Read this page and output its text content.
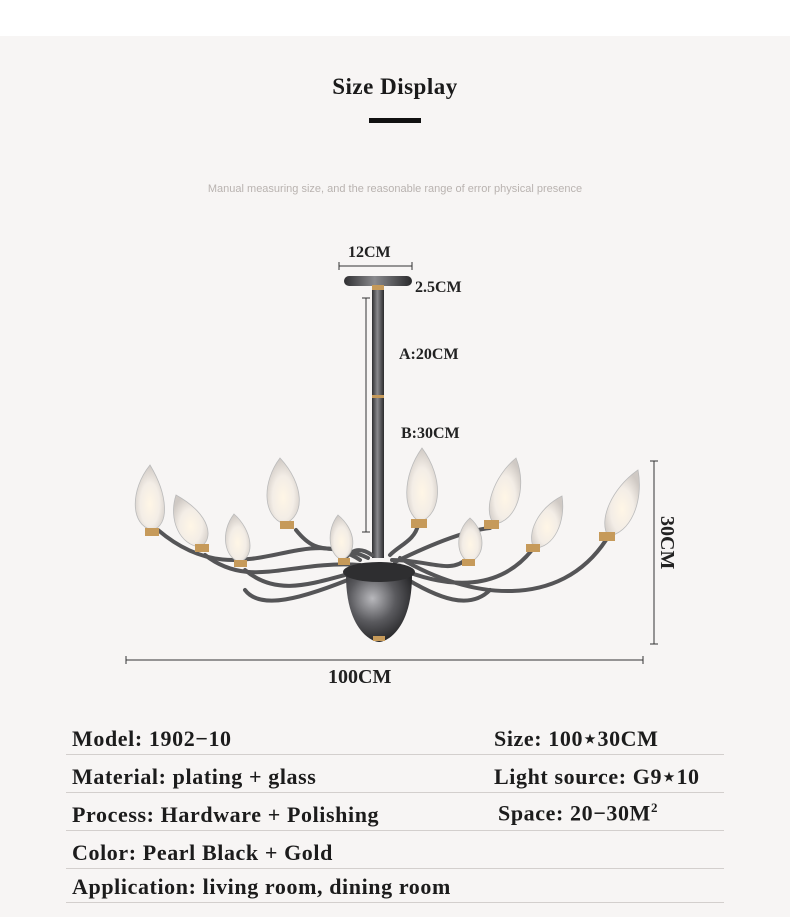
Size Display
Manual measuring size, and the reasonable range of error physical presence
12CM
2.5CM
A:20CM
B:30CM
30CM
100CM
Model: 1902−10	Size: 100⋆30CM
Material: plating + glass	Light source: G9⋆10
Process: Hardware + Polishing	Space: $20-30M^2$
Color: Pearl Black + Gold
Application: living room, dining room
